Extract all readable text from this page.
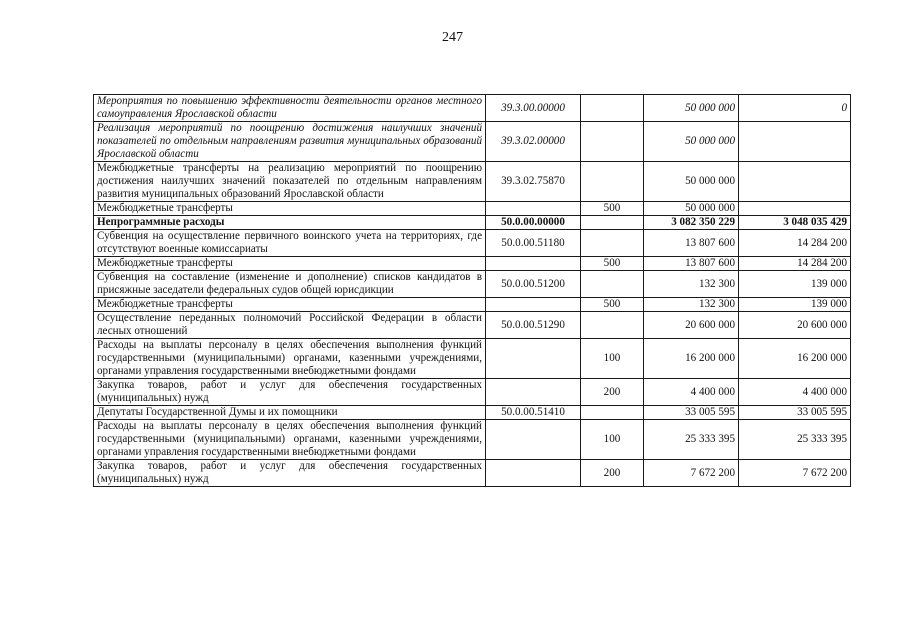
247
Мероприятия по повышению эффективности деятельности органов местного самоуправления Ярославской области	39.3.00.00000		50 000 000	0
Реализация мероприятий по поощрению достижения наилучших значений показателей по отдельным направлениям развития муниципальных образований Ярославской области	39.3.02.00000		50 000 000	
Межбюджетные трансферты на реализацию мероприятий по поощрению достижения наилучших значений показателей по отдельным направлениям развития муниципальных образований Ярославской области	39.3.02.75870		50 000 000	
Межбюджетные трансферты		500	50 000 000	
Непрограммные расходы	50.0.00.00000		3 082 350 229	3 048 035 429
Субвенция на осуществление первичного воинского учета на территориях, где отсутствуют военные комиссариаты	50.0.00.51180		13 807 600	14 284 200
Межбюджетные трансферты		500	13 807 600	14 284 200
Субвенция на составление (изменение и дополнение) списков кандидатов в присяжные заседатели федеральных судов общей юрисдикции	50.0.00.51200		132 300	139 000
Межбюджетные трансферты		500	132 300	139 000
Осуществление переданных полномочий Российской Федерации в области лесных отношений	50.0.00.51290		20 600 000	20 600 000
Расходы на выплаты персоналу в целях обеспечения выполнения функций государственными (муниципальными) органами, казенными учреждениями, органами управления государственными внебюджетными фондами		100	16 200 000	16 200 000
Закупка товаров, работ и услуг для обеспечения государственных (муниципальных) нужд		200	4 400 000	4 400 000
Депутаты Государственной Думы и их помощники	50.0.00.51410		33 005 595	33 005 595
Расходы на выплаты персоналу в целях обеспечения выполнения функций государственными (муниципальными) органами, казенными учреждениями, органами управления государственными внебюджетными фондами		100	25 333 395	25 333 395
Закупка товаров, работ и услуг для обеспечения государственных (муниципальных) нужд		200	7 672 200	7 672 200
